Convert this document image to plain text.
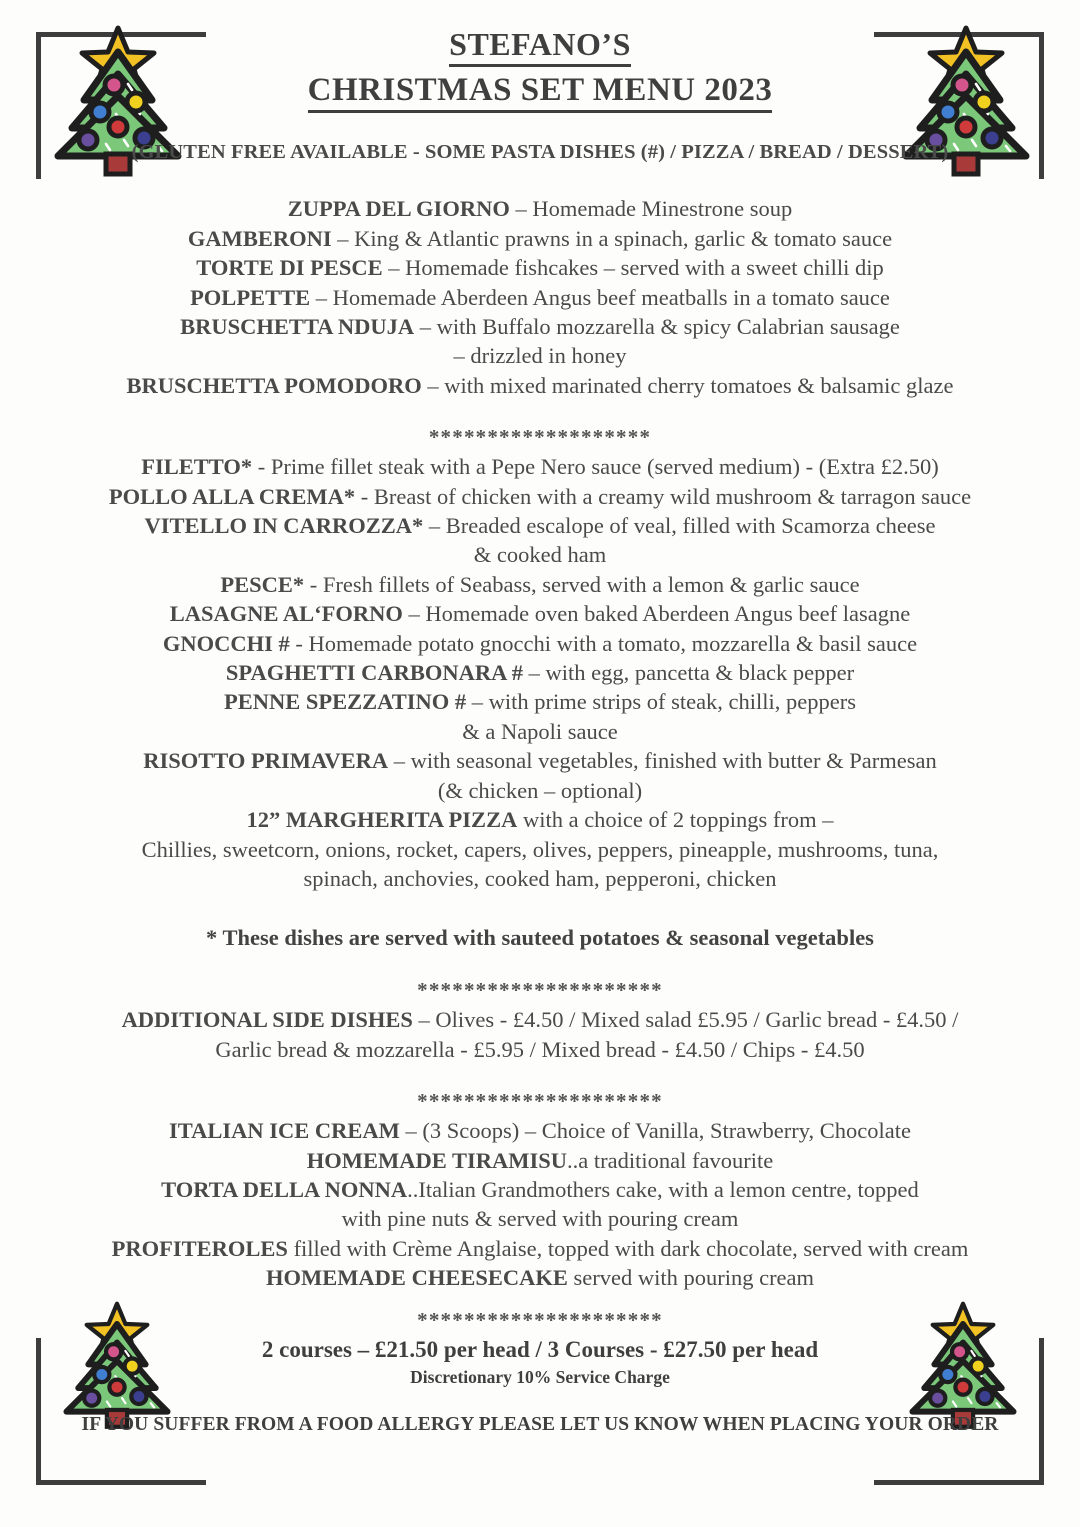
STEFANO’S
CHRISTMAS SET MENU 2023
(GLUTEN FREE AVAILABLE - SOME PASTA DISHES (#) / PIZZA / BREAD / DESSERT)
ZUPPA DEL GIORNO – Homemade Minestrone soup
GAMBERONI – King & Atlantic prawns in a spinach, garlic & tomato sauce
TORTE DI PESCE – Homemade fishcakes – served with a sweet chilli dip
POLPETTE – Homemade Aberdeen Angus beef meatballs in a tomato sauce
BRUSCHETTA NDUJA – with Buffalo mozzarella & spicy Calabrian sausage
– drizzled in honey
BRUSCHETTA POMODORO – with mixed marinated cherry tomatoes & balsamic glaze
*******************
FILETTO* - Prime fillet steak with a Pepe Nero sauce (served medium) - (Extra £2.50)
POLLO ALLA CREMA* - Breast of chicken with a creamy wild mushroom & tarragon sauce
VITELLO IN CARROZZA* – Breaded escalope of veal, filled with Scamorza cheese
& cooked ham
PESCE* - Fresh fillets of Seabass, served with a lemon & garlic sauce
LASAGNE AL‘FORNO – Homemade oven baked Aberdeen Angus beef lasagne
GNOCCHI # - Homemade potato gnocchi with a tomato, mozzarella & basil sauce
SPAGHETTI CARBONARA # – with egg, pancetta & black pepper
PENNE SPEZZATINO # – with prime strips of steak, chilli, peppers
& a Napoli sauce
RISOTTO PRIMAVERA – with seasonal vegetables, finished with butter & Parmesan
(& chicken – optional)
12” MARGHERITA PIZZA with a choice of 2 toppings from –
Chillies, sweetcorn, onions, rocket, capers, olives, peppers, pineapple, mushrooms, tuna,
spinach, anchovies, cooked ham, pepperoni, chicken
* These dishes are served with sauteed potatoes & seasonal vegetables
*********************
ADDITIONAL SIDE DISHES – Olives - £4.50 / Mixed salad £5.95 / Garlic bread - £4.50 /
Garlic bread & mozzarella - £5.95 / Mixed bread - £4.50 / Chips - £4.50
*********************
ITALIAN ICE CREAM – (3 Scoops) – Choice of Vanilla, Strawberry, Chocolate
HOMEMADE TIRAMISU..a traditional favourite
TORTA DELLA NONNA..Italian Grandmothers cake, with a lemon centre, topped
with pine nuts & served with pouring cream
PROFITEROLES filled with Crème Anglaise, topped with dark chocolate, served with cream
HOMEMADE CHEESECAKE served with pouring cream
*********************
2 courses – £21.50 per head / 3 Courses - £27.50 per head
Discretionary 10% Service Charge
IF YOU SUFFER FROM A FOOD ALLERGY PLEASE LET US KNOW WHEN PLACING YOUR ORDER
